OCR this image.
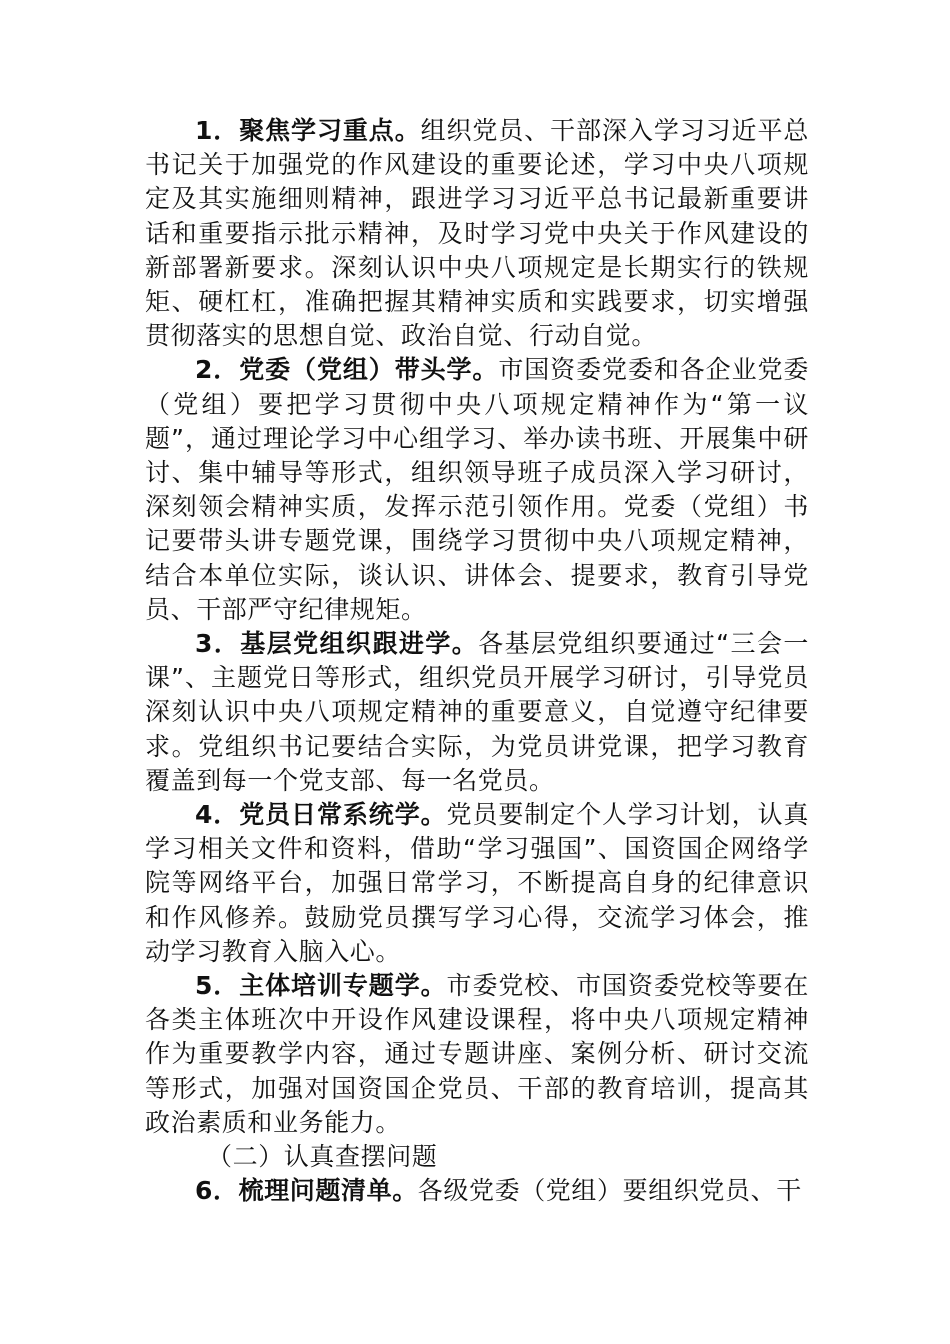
1．聚焦学习重点。组织党员、干部深入学习习近平总书记关于加强党的作风建设的重要论述，学习中央八项规定及其实施细则精神，跟进学习习近平总书记最新重要讲话和重要指示批示精神，及时学习党中央关于作风建设的新部署新要求。深刻认识中央八项规定是长期实行的铁规矩、硬杠杠，准确把握其精神实质和实践要求，切实增强贯彻落实的思想自觉、政治自觉、行动自觉。

2．党委（党组）带头学。市国资委党委和各企业党委（党组）要把学习贯彻中央八项规定精神作为“第一议题”，通过理论学习中心组学习、举办读书班、开展集中研讨、集中辅导等形式，组织领导班子成员深入学习研讨，深刻领会精神实质，发挥示范引领作用。党委（党组）书记要带头讲专题党课，围绕学习贯彻中央八项规定精神，结合本单位实际，谈认识、讲体会、提要求，教育引导党员、干部严守纪律规矩。

3．基层党组织跟进学。各基层党组织要通过“三会一课”、主题党日等形式，组织党员开展学习研讨，引导党员深刻认识中央八项规定精神的重要意义，自觉遵守纪律要求。党组织书记要结合实际，为党员讲党课，把学习教育覆盖到每一个党支部、每一名党员。

4．党员日常系统学。党员要制定个人学习计划，认真学习相关文件和资料，借助“学习强国”、国资国企网络学院等网络平台，加强日常学习，不断提高自身的纪律意识和作风修养。鼓励党员撰写学习心得，交流学习体会，推动学习教育入脑入心。

5．主体培训专题学。市委党校、市国资委党校等要在各类主体班次中开设作风建设课程，将中央八项规定精神作为重要教学内容，通过专题讲座、案例分析、研讨交流等形式，加强对国资国企党员、干部的教育培训，提高其政治素质和业务能力。

（二）认真查摆问题

6．梳理问题清单。各级党委（党组）要组织党员、干
